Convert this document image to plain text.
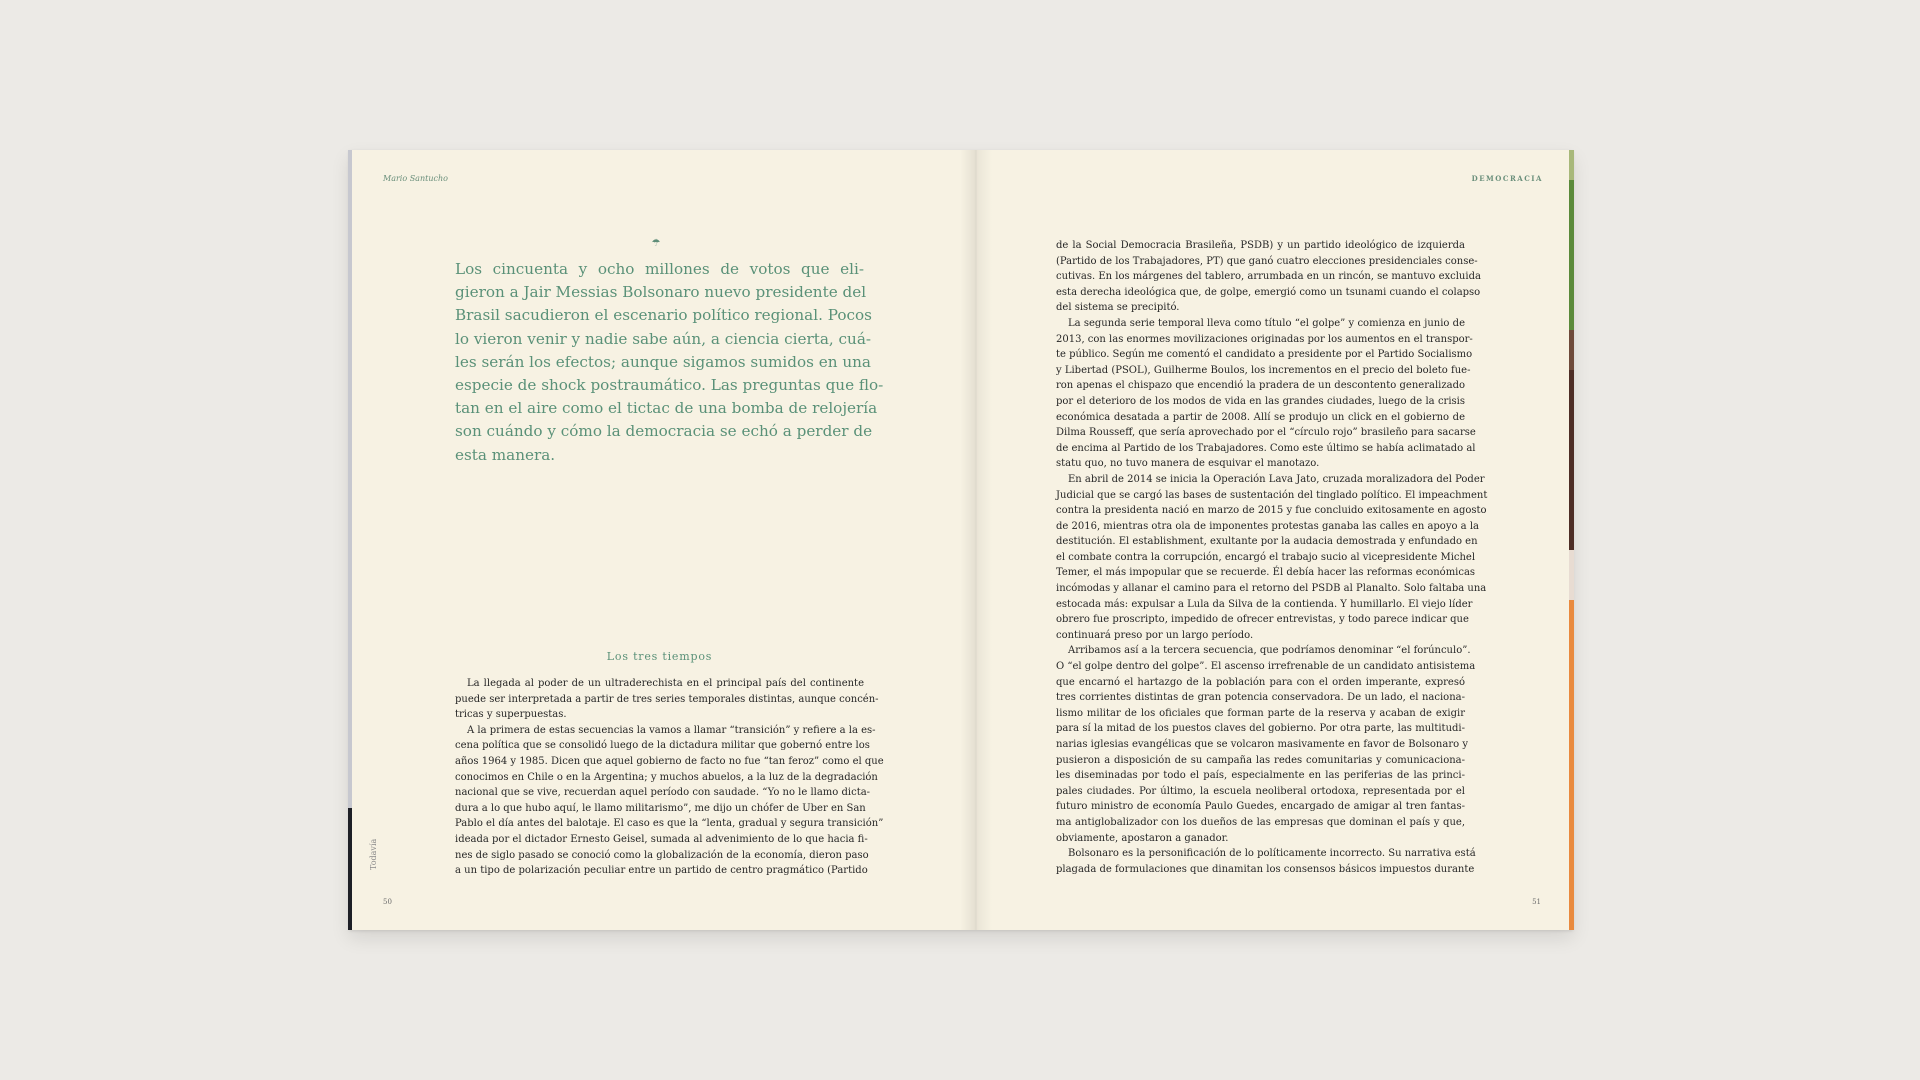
Mario Santucho	DEMOCRACIA
☂

Los cincuenta y ocho millones de votos que eli-
gieron a Jair Messias Bolsonaro nuevo presidente del
Brasil sacudieron el escenario político regional. Pocos
lo vieron venir y nadie sabe aún, a ciencia cierta, cuá-
les serán los efectos; aunque sigamos sumidos en una
especie de shock postraumático. Las preguntas que flo-
tan en el aire como el tictac de una bomba de relojería
son cuándo y cómo la democracia se echó a perder de
esta manera.

Los tres tiempos

La llegada al poder de un ultraderechista en el principal país del continente
puede ser interpretada a partir de tres series temporales distintas, aunque concén-
tricas y superpuestas.
A la primera de estas secuencias la vamos a llamar “transición” y refiere a la es-
cena política que se consolidó luego de la dictadura militar que gobernó entre los
años 1964 y 1985. Dicen que aquel gobierno de facto no fue “tan feroz” como el que
conocimos en Chile o en la Argentina; y muchos abuelos, a la luz de la degradación
nacional que se vive, recuerdan aquel período con saudade. “Yo no le llamo dicta-
dura a lo que hubo aquí, le llamo militarismo”, me dijo un chófer de Uber en San
Pablo el día antes del balotaje. El caso es que la “lenta, gradual y segura transición”
ideada por el dictador Ernesto Geisel, sumada al advenimiento de lo que hacia fi-
nes de siglo pasado se conoció como la globalización de la economía, dieron paso
a un tipo de polarización peculiar entre un partido de centro pragmático (Partido

de la Social Democracia Brasileña, PSDB) y un partido ideológico de izquierda
(Partido de los Trabajadores, PT) que ganó cuatro elecciones presidenciales conse-
cutivas. En los márgenes del tablero, arrumbada en un rincón, se mantuvo excluida
esta derecha ideológica que, de golpe, emergió como un tsunami cuando el colapso
del sistema se precipitó.
La segunda serie temporal lleva como título “el golpe” y comienza en junio de
2013, con las enormes movilizaciones originadas por los aumentos en el transpor-
te público. Según me comentó el candidato a presidente por el Partido Socialismo
y Libertad (PSOL), Guilherme Boulos, los incrementos en el precio del boleto fue-
ron apenas el chispazo que encendió la pradera de un descontento generalizado
por el deterioro de los modos de vida en las grandes ciudades, luego de la crisis
económica desatada a partir de 2008. Allí se produjo un click en el gobierno de
Dilma Rousseff, que sería aprovechado por el “círculo rojo” brasileño para sacarse
de encima al Partido de los Trabajadores. Como este último se había aclimatado al
statu quo, no tuvo manera de esquivar el manotazo.
En abril de 2014 se inicia la Operación Lava Jato, cruzada moralizadora del Poder
Judicial que se cargó las bases de sustentación del tinglado político. El impeachment
contra la presidenta nació en marzo de 2015 y fue concluido exitosamente en agosto
de 2016, mientras otra ola de imponentes protestas ganaba las calles en apoyo a la
destitución. El establishment, exultante por la audacia demostrada y enfundado en
el combate contra la corrupción, encargó el trabajo sucio al vicepresidente Michel
Temer, el más impopular que se recuerde. Él debía hacer las reformas económicas
incómodas y allanar el camino para el retorno del PSDB al Planalto. Solo faltaba una
estocada más: expulsar a Lula da Silva de la contienda. Y humillarlo. El viejo líder
obrero fue proscripto, impedido de ofrecer entrevistas, y todo parece indicar que
continuará preso por un largo período.
Arribamos así a la tercera secuencia, que podríamos denominar “el forúnculo”.
O “el golpe dentro del golpe”. El ascenso irrefrenable de un candidato antisistema
que encarnó el hartazgo de la población para con el orden imperante, expresó
tres corrientes distintas de gran potencia conservadora. De un lado, el naciona-
lismo militar de los oficiales que forman parte de la reserva y acaban de exigir
para sí la mitad de los puestos claves del gobierno. Por otra parte, las multitudi-
narias iglesias evangélicas que se volcaron masivamente en favor de Bolsonaro y
pusieron a disposición de su campaña las redes comunitarias y comunicaciona-
les diseminadas por todo el país, especialmente en las periferias de las princi-
pales ciudades. Por último, la escuela neoliberal ortodoxa, representada por el
futuro ministro de economía Paulo Guedes, encargado de amigar al tren fantas-
ma antiglobalizador con los dueños de las empresas que dominan el país y que,
obviamente, apostaron a ganador.
Bolsonaro es la personificación de lo políticamente incorrecto. Su narrativa está
plagada de formulaciones que dinamitan los consensos básicos impuestos durante

Todavía
50	51
